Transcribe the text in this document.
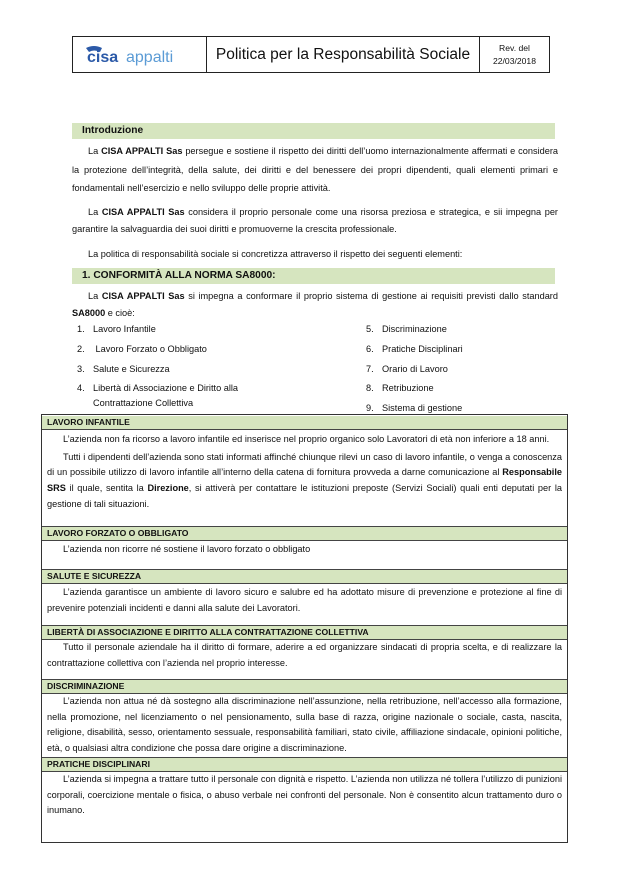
cisa appalti	Politica per la Responsabilità Sociale	Rev. del
22/03/2018
Introduzione
La CISA APPALTI Sas persegue e sostiene il rispetto dei diritti dell’uomo internazionalmente affermati e considera la protezione dell’integrità, della salute, dei diritti e del benessere dei propri dipendenti, quali elementi primari e fondamentali nell’esercizio e nello sviluppo delle proprie attività.
La CISA APPALTI Sas considera il proprio personale come una risorsa preziosa e strategica, e sii impegna per garantire la salvaguardia dei suoi diritti e promuoverne la crescita professionale.
La politica di responsabilità sociale si concretizza attraverso il rispetto dei seguenti elementi:
1. CONFORMITÀ ALLA NORMA SA8000:
La CISA APPALTI Sas si impegna a conformare il proprio sistema di gestione ai requisiti previsti dallo standard SA8000 e cioè:
1. Lavoro Infantile
2. Lavoro Forzato o Obbligato
3. Salute e Sicurezza
4. Libertà di Associazione e Diritto alla
Contrattazione Collettiva
5. Discriminazione
6. Pratiche Disciplinari
7. Orario di Lavoro
8. Retribuzione
9. Sistema di gestione
LAVORO INFANTILE

L’azienda non fa ricorso a lavoro infantile ed inserisce nel proprio organico solo Lavoratori di età non inferiore a 18 anni.

Tutti i dipendenti dell’azienda sono stati informati affinché chiunque rilevi un caso di lavoro infantile, o venga a conoscenza di un possibile utilizzo di lavoro infantile all’interno della catena di fornitura provveda a darne comunicazione al Responsabile SRS il quale, sentita la Direzione, si attiverà per contattare le istituzioni preposte (Servizi Sociali) quali enti deputati per la gestione di tali situazioni.

LAVORO FORZATO O OBBLIGATO

L’azienda non ricorre né sostiene il lavoro forzato o obbligato

SALUTE E SICUREZZA

L’azienda garantisce un ambiente di lavoro sicuro e salubre ed ha adottato misure di prevenzione e protezione al fine di prevenire potenziali incidenti e danni alla salute dei Lavoratori.

LIBERTÀ DI ASSOCIAZIONE E DIRITTO ALLA CONTRATTAZIONE COLLETTIVA

Tutto il personale aziendale ha il diritto di formare, aderire a ed organizzare sindacati di propria scelta, e di realizzare la contrattazione collettiva con l’azienda nel proprio interesse.

DISCRIMINAZIONE

L’azienda non attua né dà sostegno alla discriminazione nell’assunzione, nella retribuzione, nell’accesso alla formazione, nella promozione, nel licenziamento o nel pensionamento, sulla base di razza, origine nazionale o sociale, casta, nascita, religione, disabilità, sesso, orientamento sessuale, responsabilità familiari, stato civile, affiliazione sindacale, opinioni politiche, età, o qualsiasi altra condizione che possa dare origine a discriminazione.

PRATICHE DISCIPLINARI

L’azienda si impegna a trattare tutto il personale con dignità e rispetto. L’azienda non utilizza né tollera l’utilizzo di punizioni corporali, coercizione mentale o fisica, o abuso verbale nei confronti del personale. Non è consentito alcun trattamento duro o inumano.
